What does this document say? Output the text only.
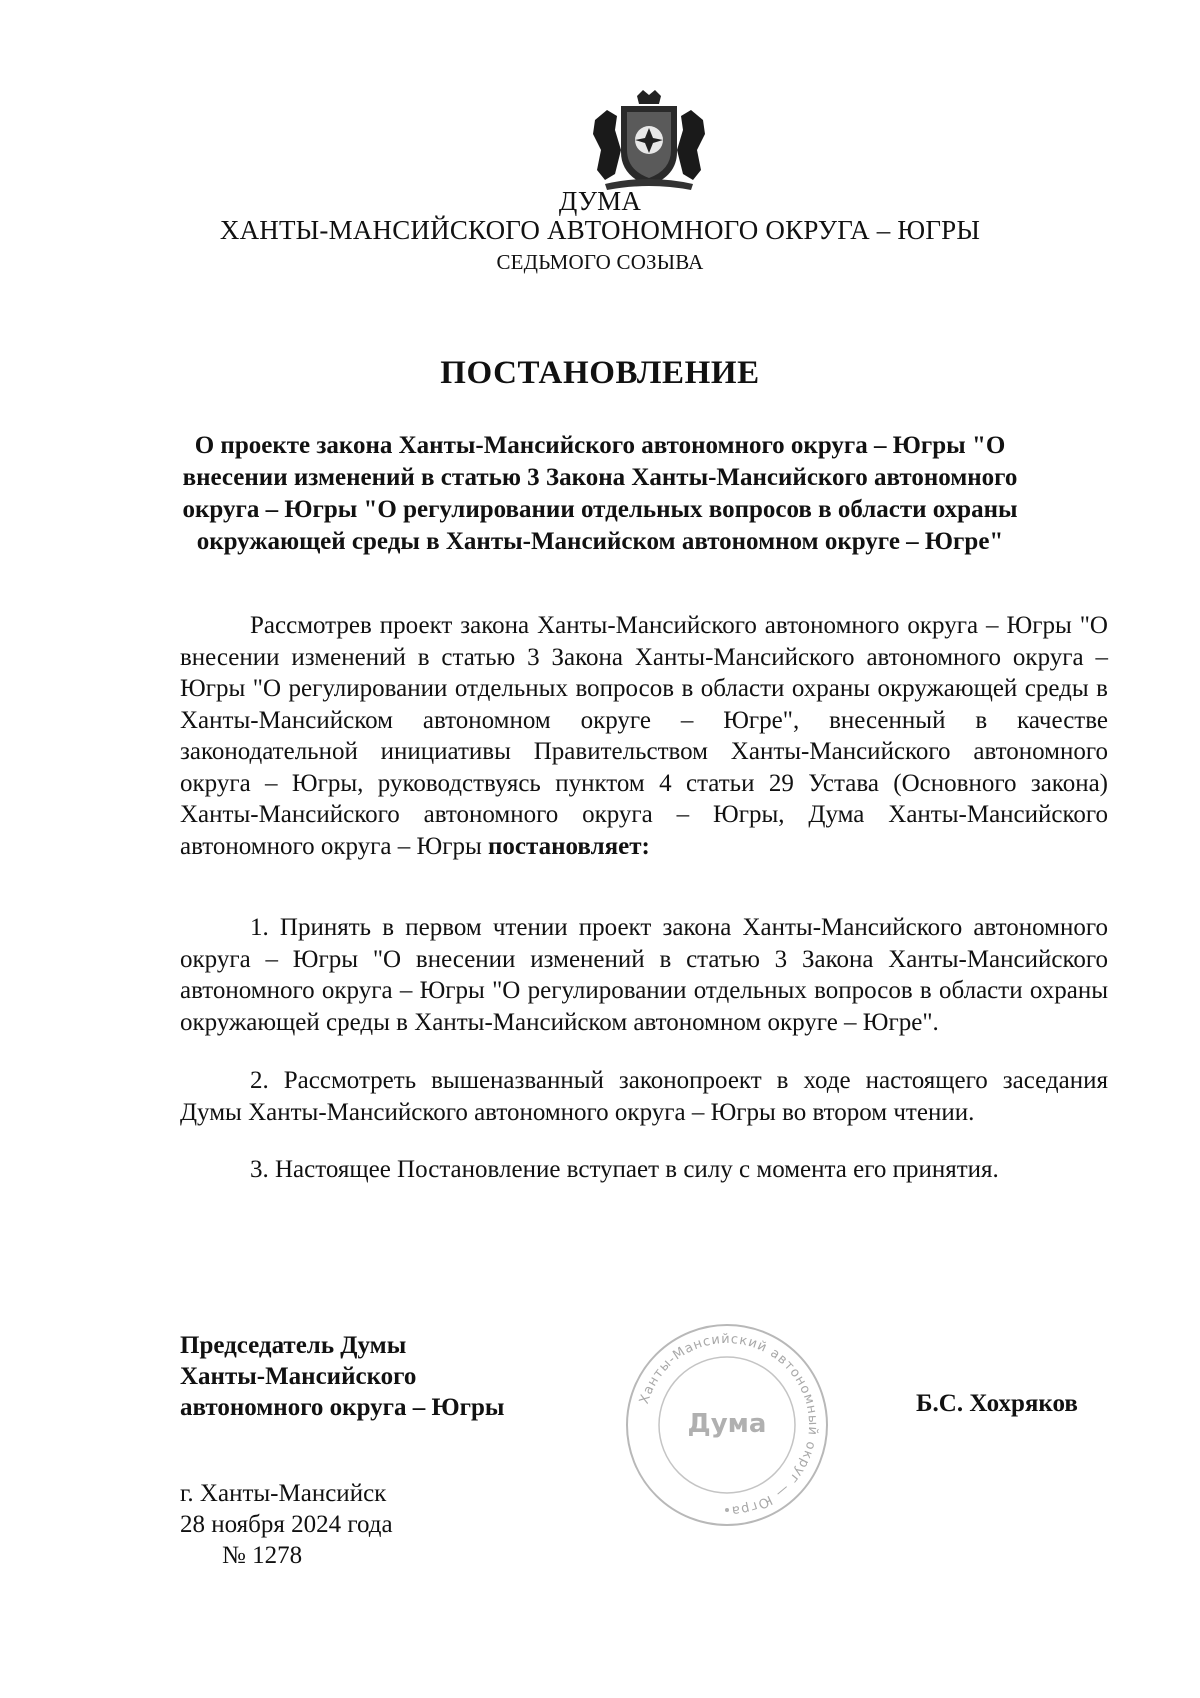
ДУМА
ХАНТЫ-МАНСИЙСКОГО АВТОНОМНОГО ОКРУГА – ЮГРЫ
СЕДЬМОГО СОЗЫВА
ПОСТАНОВЛЕНИЕ
О проекте закона Ханты-Мансийского автономного округа – Югры "О внесении изменений в статью 3 Закона Ханты-Мансийского автономного округа – Югры "О регулировании отдельных вопросов в области охраны окружающей среды в Ханты-Мансийском автономном округе – Югре"
Рассмотрев проект закона Ханты-Мансийского автономного округа – Югры "О внесении изменений в статью 3 Закона Ханты-Мансийского автономного округа – Югры "О регулировании отдельных вопросов в области охраны окружающей среды в Ханты-Мансийском автономном округе – Югре", внесенный в качестве законодательной инициативы Правительством Ханты-Мансийского автономного округа – Югры, руководствуясь пунктом 4 статьи 29 Устава (Основного закона) Ханты-Мансийского автономного округа – Югры, Дума Ханты-Мансийского автономного округа – Югры постановляет:
1. Принять в первом чтении проект закона Ханты-Мансийского автономного округа – Югры "О внесении изменений в статью 3 Закона Ханты-Мансийского автономного округа – Югры "О регулировании отдельных вопросов в области охраны окружающей среды в Ханты-Мансийском автономном округе – Югре".
2. Рассмотреть вышеназванный законопроект в ходе настоящего заседания Думы Ханты-Мансийского автономного округа – Югры во втором чтении.
3. Настоящее Постановление вступает в силу с момента его принятия.
Председатель Думы
Ханты-Мансийского
автономного округа – Югры	Ханты-Мансийский автономный округ — Югра
Дума
Б.С. Хохряков
г. Ханты-Мансийск
28 ноября 2024 года
№ 1278
